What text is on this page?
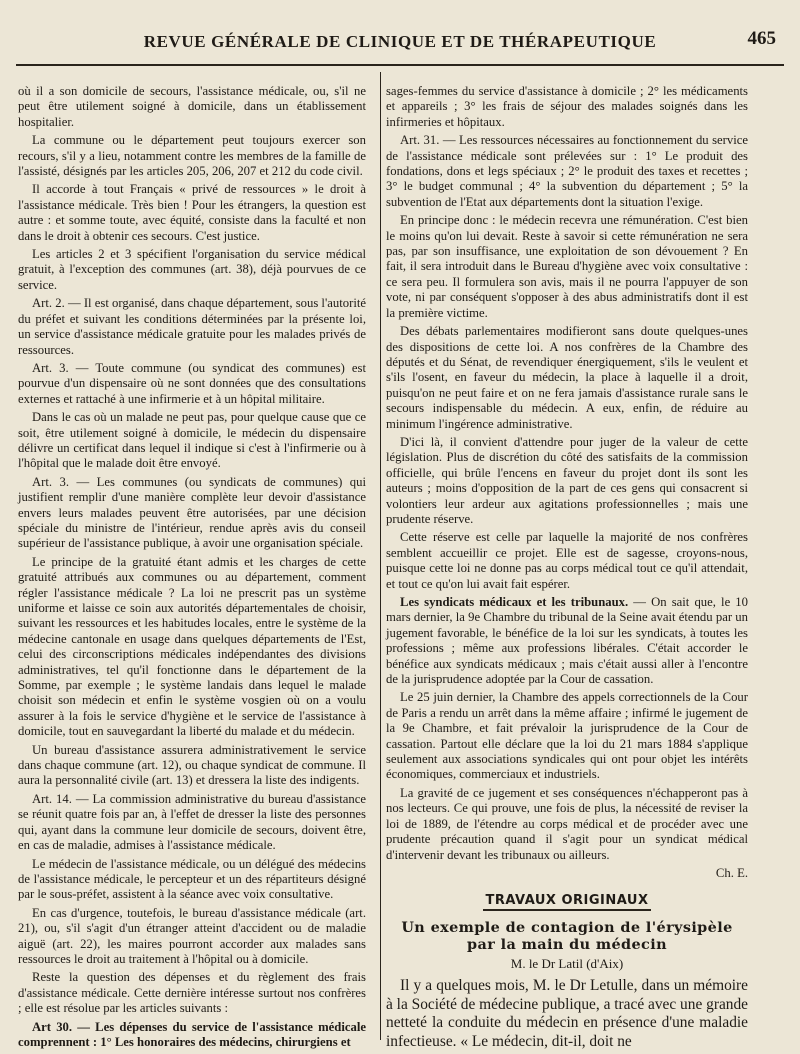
REVUE GÉNÉRALE DE CLINIQUE ET DE THÉRAPEUTIQUE	465

où il a son domicile de secours, l'assistance médicale, ou, s'il ne peut être utilement soigné à domicile, dans un établissement hospitalier.

La commune ou le département peut toujours exercer son recours, s'il y a lieu, notamment contre les membres de la famille de l'assisté, désignés par les articles 205, 206, 207 et 212 du code civil.

Il accorde à tout Français « privé de ressources » le droit à l'assistance médicale. Très bien ! Pour les étrangers, la question est autre : et somme toute, avec équité, consiste dans la faculté et non dans le droit à obtenir ces secours. C'est justice.

Les articles 2 et 3 spécifient l'organisation du service médical gratuit, à l'exception des communes (art. 38), déjà pourvues de ce service.

Art. 2. — Il est organisé, dans chaque département, sous l'autorité du préfet et suivant les conditions déterminées par la présente loi, un service d'assistance médicale gratuite pour les malades privés de ressources.

Art. 3. — Toute commune (ou syndicat des communes) est pourvue d'un dispensaire où ne sont données que des consultations externes et rattaché à une infirmerie et à un hôpital militaire.

Dans le cas où un malade ne peut pas, pour quelque cause que ce soit, être utilement soigné à domicile, le médecin du dispensaire délivre un certificat dans lequel il indique si c'est à l'infirmerie ou à l'hôpital que le malade doit être envoyé.

Art. 3. — Les communes (ou syndicats de communes) qui justifient remplir d'une manière complète leur devoir d'assistance envers leurs malades peuvent être autorisées, par une décision spéciale du ministre de l'intérieur, rendue après avis du conseil supérieur de l'assistance publique, à avoir une organisation spéciale.

Le principe de la gratuité étant admis et les charges de cette gratuité attribués aux communes ou au département, comment régler l'assistance médicale ? La loi ne prescrit pas un système uniforme et laisse ce soin aux autorités départementales de choisir, suivant les ressources et les habitudes locales, entre le système de la médecine cantonale en usage dans quelques départements de l'Est, celui des circonscriptions médicales indépendantes des divisions administratives, tel qu'il fonctionne dans le département de la Somme, par exemple ; le système landais dans lequel le malade choisit son médecin et enfin le système vosgien où on a voulu assurer à la fois le service d'hygiène et le service de l'assistance à domicile, tout en sauvegardant la liberté du malade et du médecin.

Un bureau d'assistance assurera administrativement le service dans chaque commune (art. 12), ou chaque syndicat de commune. Il aura la personnalité civile (art. 13) et dressera la liste des indigents.

Art. 14. — La commission administrative du bureau d'assistance se réunit quatre fois par an, à l'effet de dresser la liste des personnes qui, ayant dans la commune leur domicile de secours, doivent être, en cas de maladie, admises à l'assistance médicale.

Le médecin de l'assistance médicale, ou un délégué des médecins de l'assistance médicale, le percepteur et un des répartiteurs désigné par le sous-préfet, assistent à la séance avec voix consultative.

En cas d'urgence, toutefois, le bureau d'assistance médicale (art. 21), ou, s'il s'agit d'un étranger atteint d'accident ou de maladie aiguë (art. 22), les maires pourront accorder aux malades sans ressources le droit au traitement à l'hôpital ou à domicile.

Reste la question des dépenses et du règlement des frais d'assistance médicale. Cette dernière intéresse surtout nos confrères ; elle est résolue par les articles suivants :

Art 30. — Les dépenses du service de l'assistance médicale comprennent : 1° Les honoraires des médecins, chirurgiens et

sages-femmes du service d'assistance à domicile ; 2° les médicaments et appareils ; 3° les frais de séjour des malades soignés dans les infirmeries et hôpitaux.

Art. 31. — Les ressources nécessaires au fonctionnement du service de l'assistance médicale sont prélevées sur : 1° Le produit des fondations, dons et legs spéciaux ; 2° le produit des taxes et recettes ; 3° le budget communal ; 4° la subvention du département ; 5° la subvention de l'Etat aux départements dont la situation l'exige.

En principe donc : le médecin recevra une rémunération. C'est bien le moins qu'on lui devait. Reste à savoir si cette rémunération ne sera pas, par son insuffisance, une exploitation de son dévouement ? En fait, il sera introduit dans le Bureau d'hygiène avec voix consultative : ce sera peu. Il formulera son avis, mais il ne pourra l'appuyer de son vote, ni par conséquent s'opposer à des abus administratifs dont il est la première victime.

Des débats parlementaires modifieront sans doute quelques-unes des dispositions de cette loi. A nos confrères de la Chambre des députés et du Sénat, de revendiquer énergiquement, s'ils le veulent et s'ils l'osent, en faveur du médecin, la place à laquelle il a droit, puisqu'on ne peut faire et on ne fera jamais d'assistance rurale sans le secours indispensable du médecin. A eux, enfin, de réduire au minimum l'ingérence administrative.

D'ici là, il convient d'attendre pour juger de la valeur de cette législation. Plus de discrétion du côté des satisfaits de la commission officielle, qui brûle l'encens en faveur du projet dont ils sont les auteurs ; moins d'opposition de la part de ces gens qui consacrent si volontiers leur ardeur aux agitations professionnelles ; mais une prudente réserve.

Cette réserve est celle par laquelle la majorité de nos confrères semblent accueillir ce projet. Elle est de sagesse, croyons-nous, puisque cette loi ne donne pas au corps médical tout ce qu'il attendait, et tout ce qu'on lui avait fait espérer.

Les syndicats médicaux et les tribunaux. — On sait que, le 10 mars dernier, la 9e Chambre du tribunal de la Seine avait étendu par un jugement favorable, le bénéfice de la loi sur les syndicats, à toutes les professions ; même aux professions libérales. C'était accorder le bénéfice aux syndicats médicaux ; mais c'était aussi aller à l'encontre de la jurisprudence adoptée par la Cour de cassation.

Le 25 juin dernier, la Chambre des appels correctionnels de la Cour de Paris a rendu un arrêt dans la même affaire ; infirmé le jugement de la 9e Chambre, et fait prévaloir la jurisprudence de la Cour de cassation. Partout elle déclare que la loi du 21 mars 1884 s'applique seulement aux associations syndicales qui ont pour objet les intérêts économiques, commerciaux et industriels.

La gravité de ce jugement et ses conséquences n'échapperont pas à nos lecteurs. Ce qui prouve, une fois de plus, la nécessité de reviser la loi de 1889, de l'étendre au corps médical et de procéder avec une prudente précaution quand il s'agit pour un syndicat médical d'intervenir devant les tribunaux ou ailleurs.

Ch. E.

TRAVAUX ORIGINAUX
Un exemple de contagion de l'érysipèle
par la main du médecin
M. le Dr Latil (d'Aix)

Il y a quelques mois, M. le Dr Letulle, dans un mémoire à la Société de médecine publique, a tracé avec une grande netteté la conduite du médecin en présence d'une maladie infectieuse. « Le médecin, dit-il, doit ne
